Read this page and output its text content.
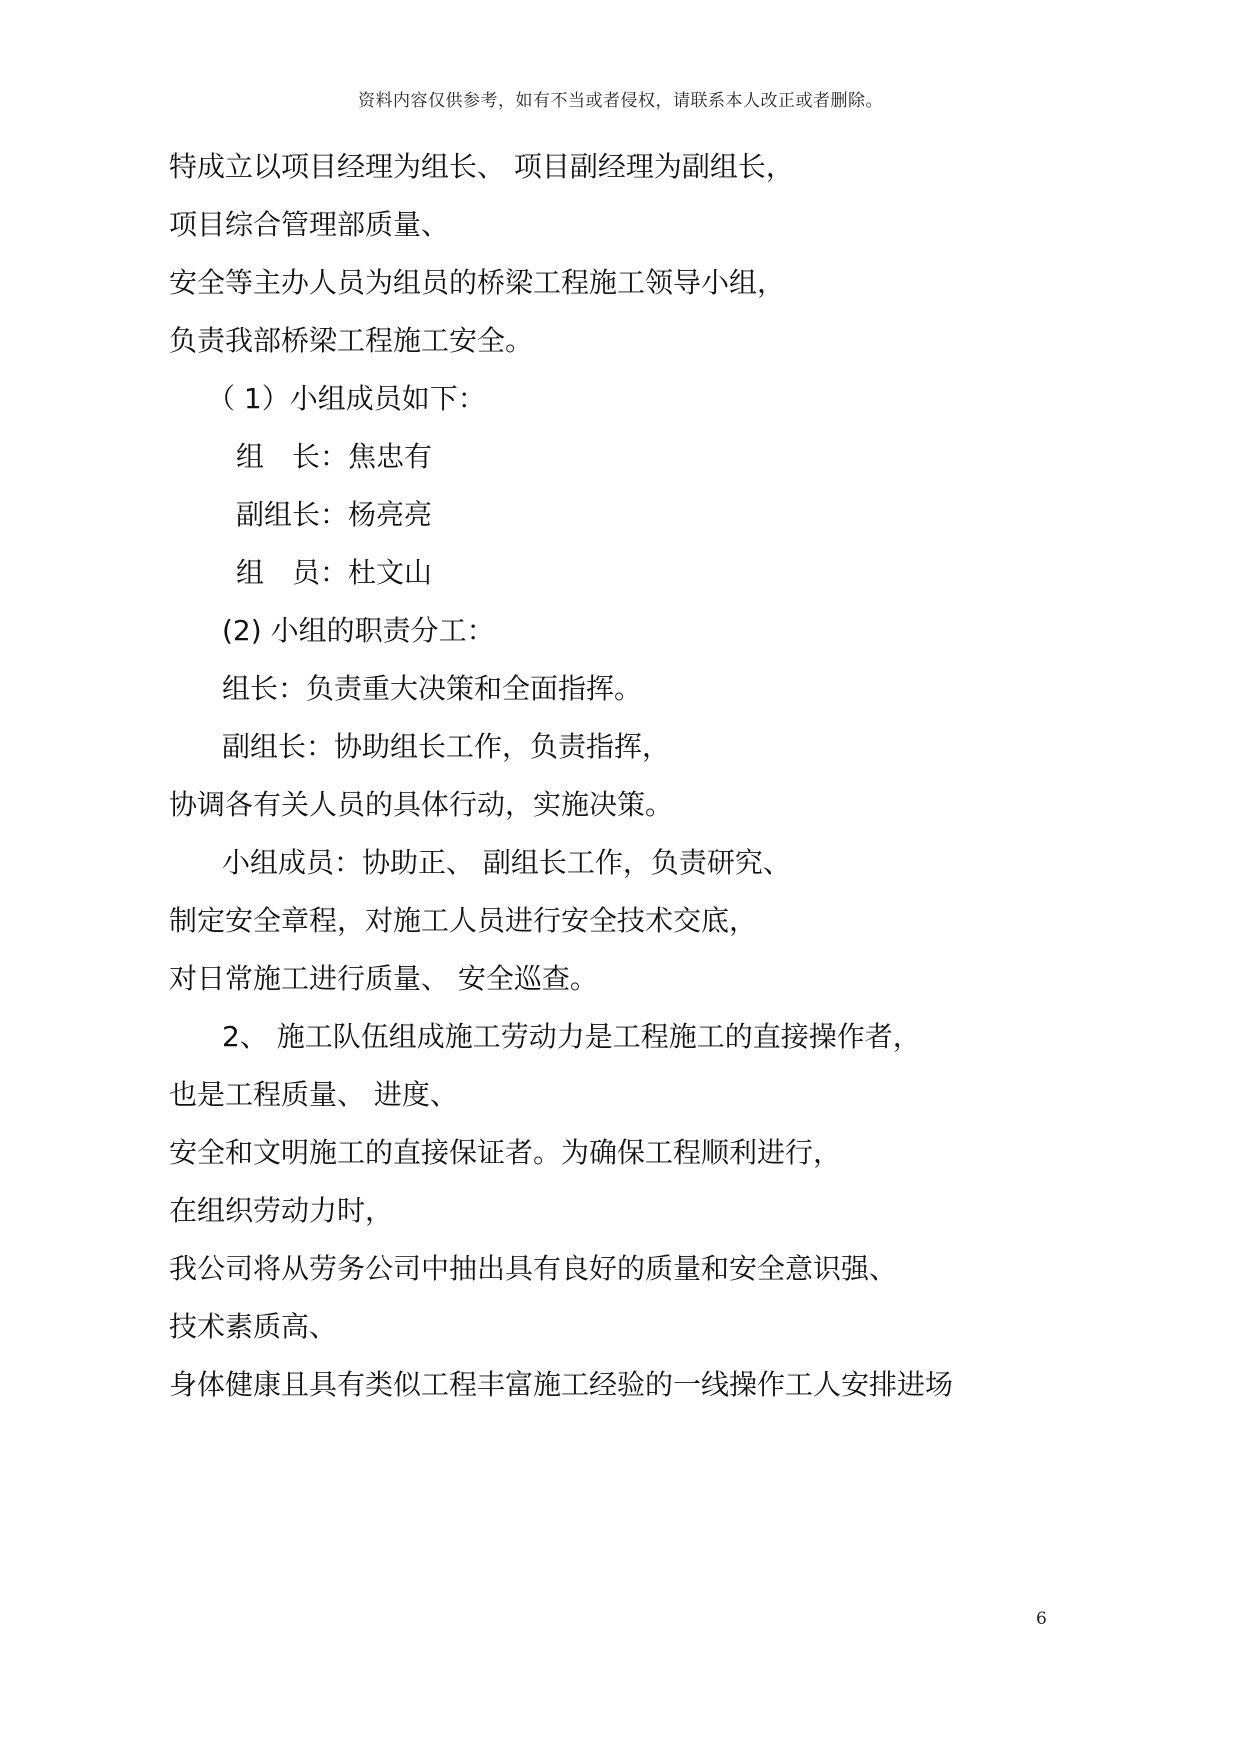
资料内容仅供参考，如有不当或者侵权，请联系本人改正或者删除。
特成立以项目经理为组长、 项目副经理为副组长，
项目综合管理部质量、
安全等主办人员为组员的桥梁工程施工领导小组，
负责我部桥梁工程施工安全。
（ 1）小组成员如下：
组　长：焦忠有
副组长：杨亮亮
组　员：杜文山
(2) 小组的职责分工：
组长：负责重大决策和全面指挥。
副组长：协助组长工作，负责指挥，
协调各有关人员的具体行动，实施决策。
小组成员：协助正、 副组长工作，负责研究、
制定安全章程，对施工人员进行安全技术交底，
对日常施工进行质量、 安全巡查。
2、 施工队伍组成施工劳动力是工程施工的直接操作者，
也是工程质量、 进度、
安全和文明施工的直接保证者。为确保工程顺利进行，
在组织劳动力时，
我公司将从劳务公司中抽出具有良好的质量和安全意识强、
技术素质高、
身体健康且具有类似工程丰富施工经验的一线操作工人安排进场
6
